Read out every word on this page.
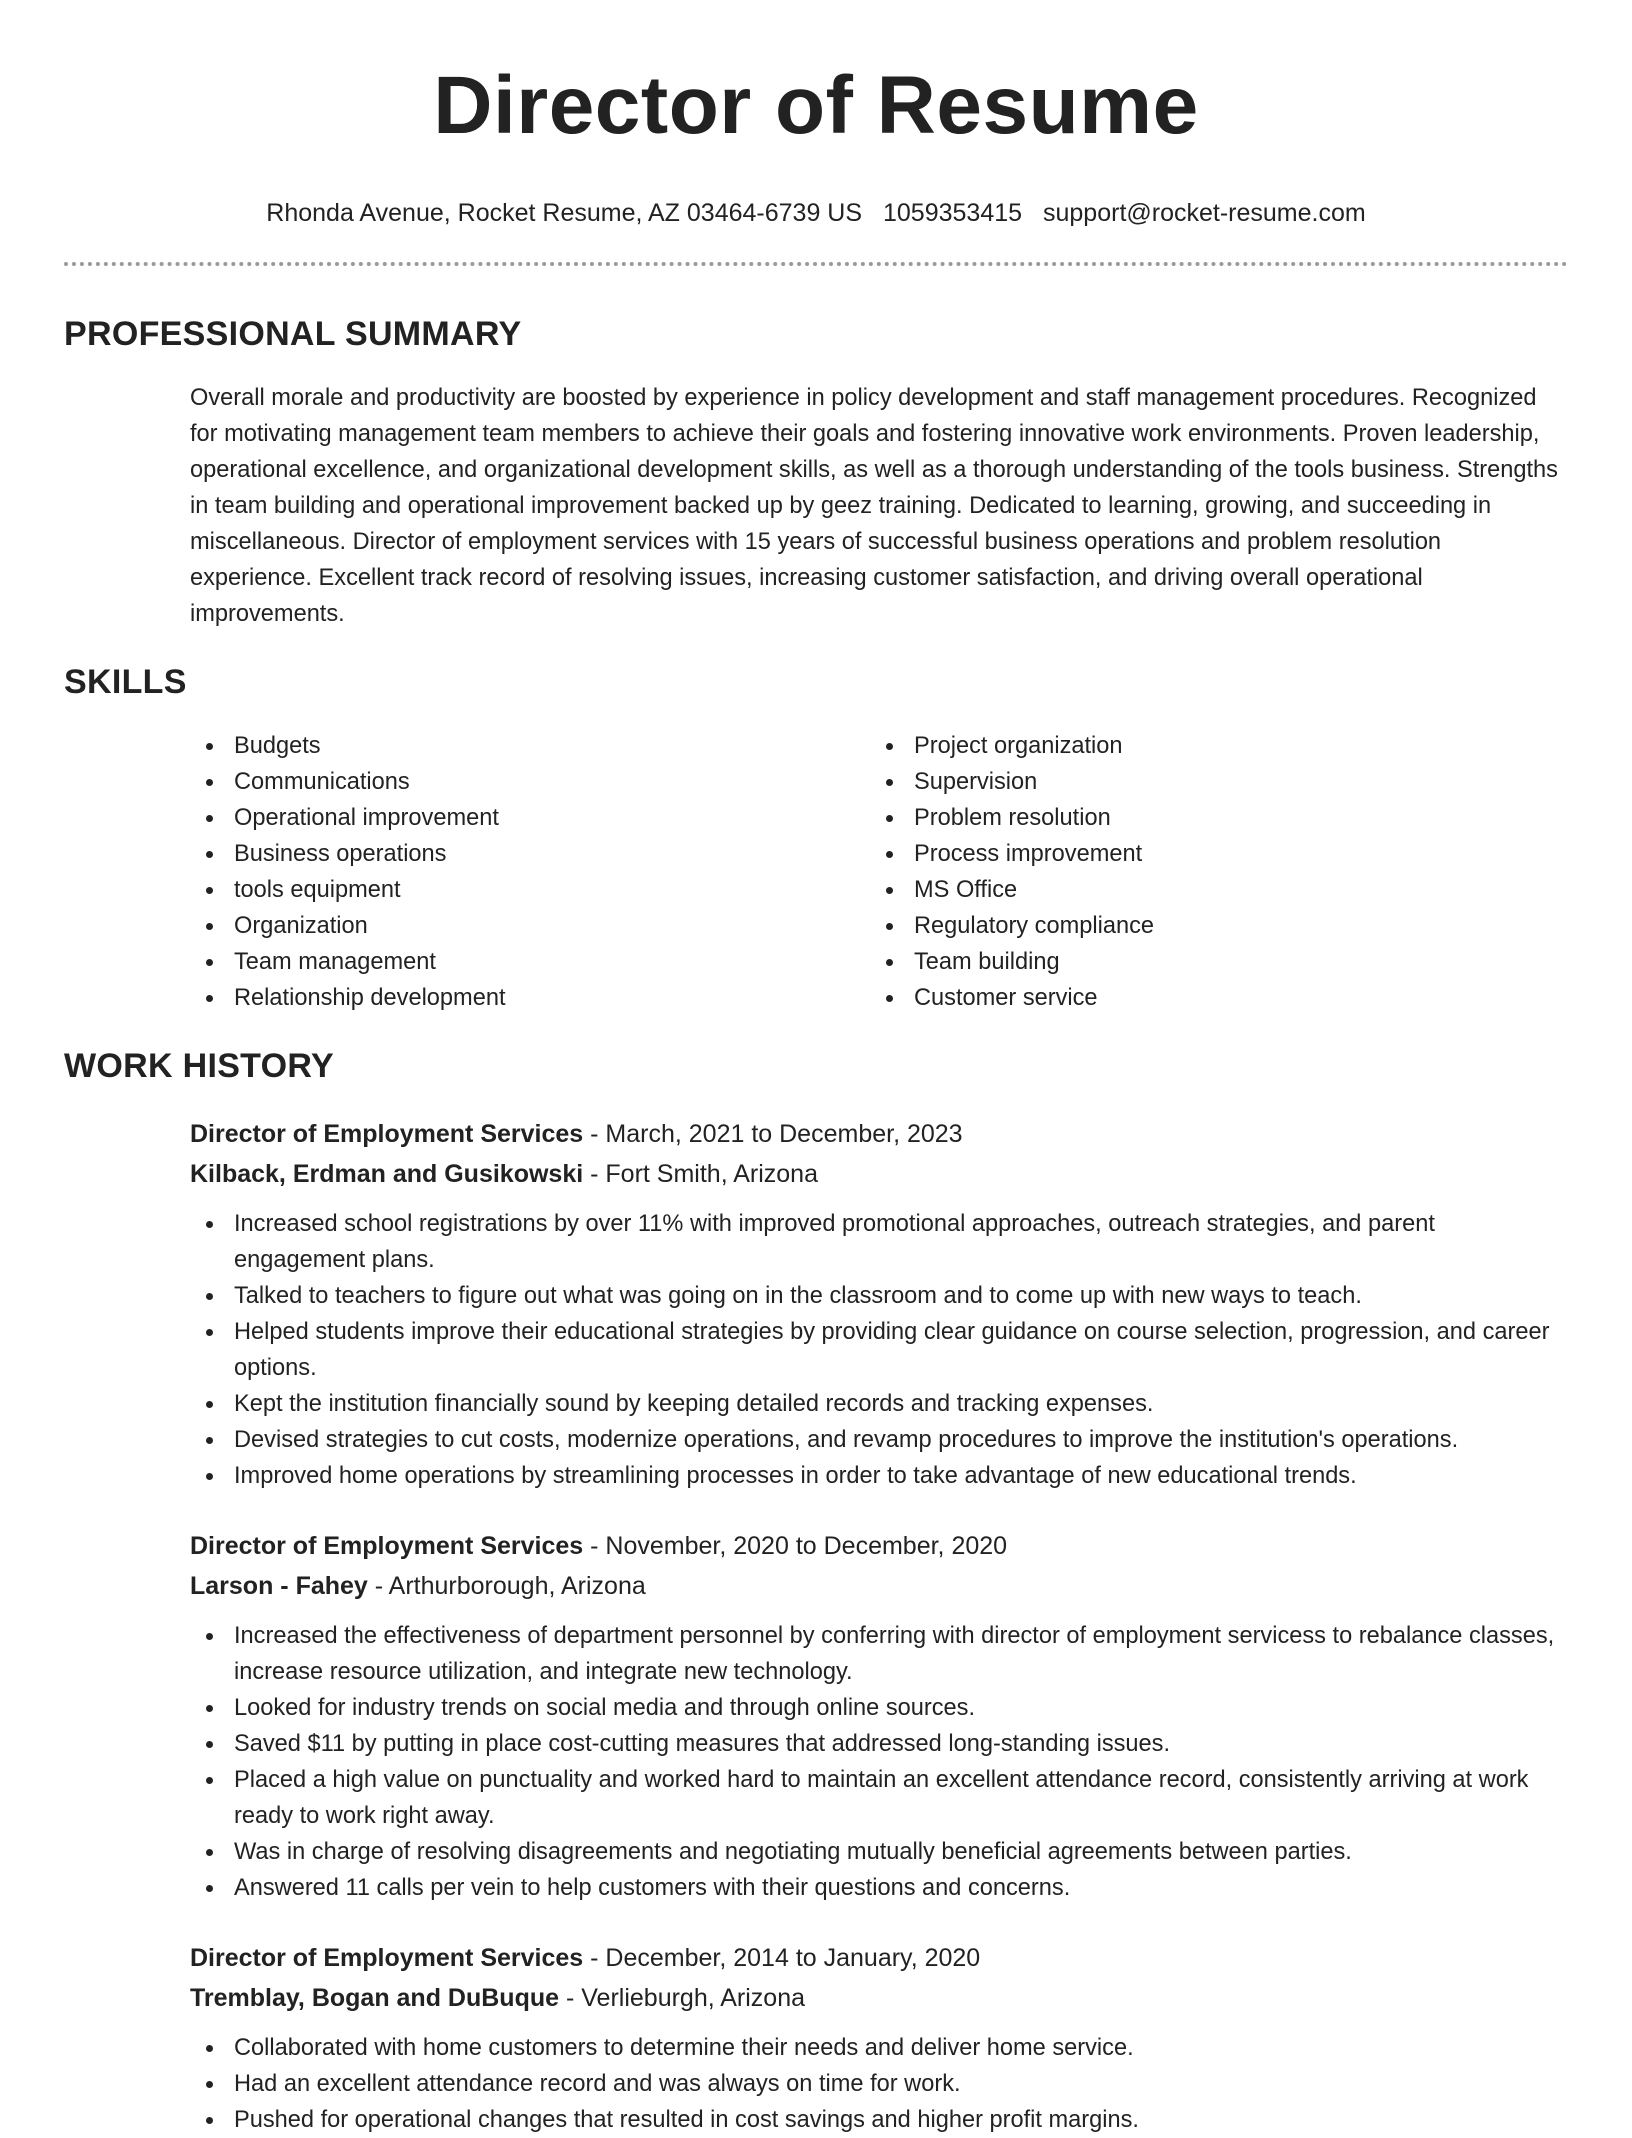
Director of Resume
Rhonda Avenue, Rocket Resume, AZ 03464-6739 US 1059353415 support@rocket-resume.com
PROFESSIONAL SUMMARY

Overall morale and productivity are boosted by experience in policy development and staff management procedures. Recognized for motivating management team members to achieve their goals and fostering innovative work environments. Proven leadership, operational excellence, and organizational development skills, as well as a thorough understanding of the tools business. Strengths in team building and operational improvement backed up by geez training. Dedicated to learning, growing, and succeeding in miscellaneous. Director of employment services with 15 years of successful business operations and problem resolution experience. Excellent track record of resolving issues, increasing customer satisfaction, and driving overall operational improvements.

SKILLS
Budgets
Communications
Operational improvement
Business operations
tools equipment
Organization
Team management
Relationship development
Project organization
Supervision
Problem resolution
Process improvement
MS Office
Regulatory compliance
Team building
Customer service
WORK HISTORY
Director of Employment Services - March, 2021 to December, 2023
Kilback, Erdman and Gusikowski - Fort Smith, Arizona
Increased school registrations by over 11% with improved promotional approaches, outreach strategies, and parent engagement plans.
Talked to teachers to figure out what was going on in the classroom and to come up with new ways to teach.
Helped students improve their educational strategies by providing clear guidance on course selection, progression, and career options.
Kept the institution financially sound by keeping detailed records and tracking expenses.
Devised strategies to cut costs, modernize operations, and revamp procedures to improve the institution's operations.
Improved home operations by streamlining processes in order to take advantage of new educational trends.
Director of Employment Services - November, 2020 to December, 2020
Larson - Fahey - Arthurborough, Arizona
Increased the effectiveness of department personnel by conferring with director of employment servicess to rebalance classes, increase resource utilization, and integrate new technology.
Looked for industry trends on social media and through online sources.
Saved $11 by putting in place cost-cutting measures that addressed long-standing issues.
Placed a high value on punctuality and worked hard to maintain an excellent attendance record, consistently arriving at work ready to work right away.
Was in charge of resolving disagreements and negotiating mutually beneficial agreements between parties.
Answered 11 calls per vein to help customers with their questions and concerns.
Director of Employment Services - December, 2014 to January, 2020
Tremblay, Bogan and DuBuque - Verlieburgh, Arizona
Collaborated with home customers to determine their needs and deliver home service.
Had an excellent attendance record and was always on time for work.
Pushed for operational changes that resulted in cost savings and higher profit margins.
